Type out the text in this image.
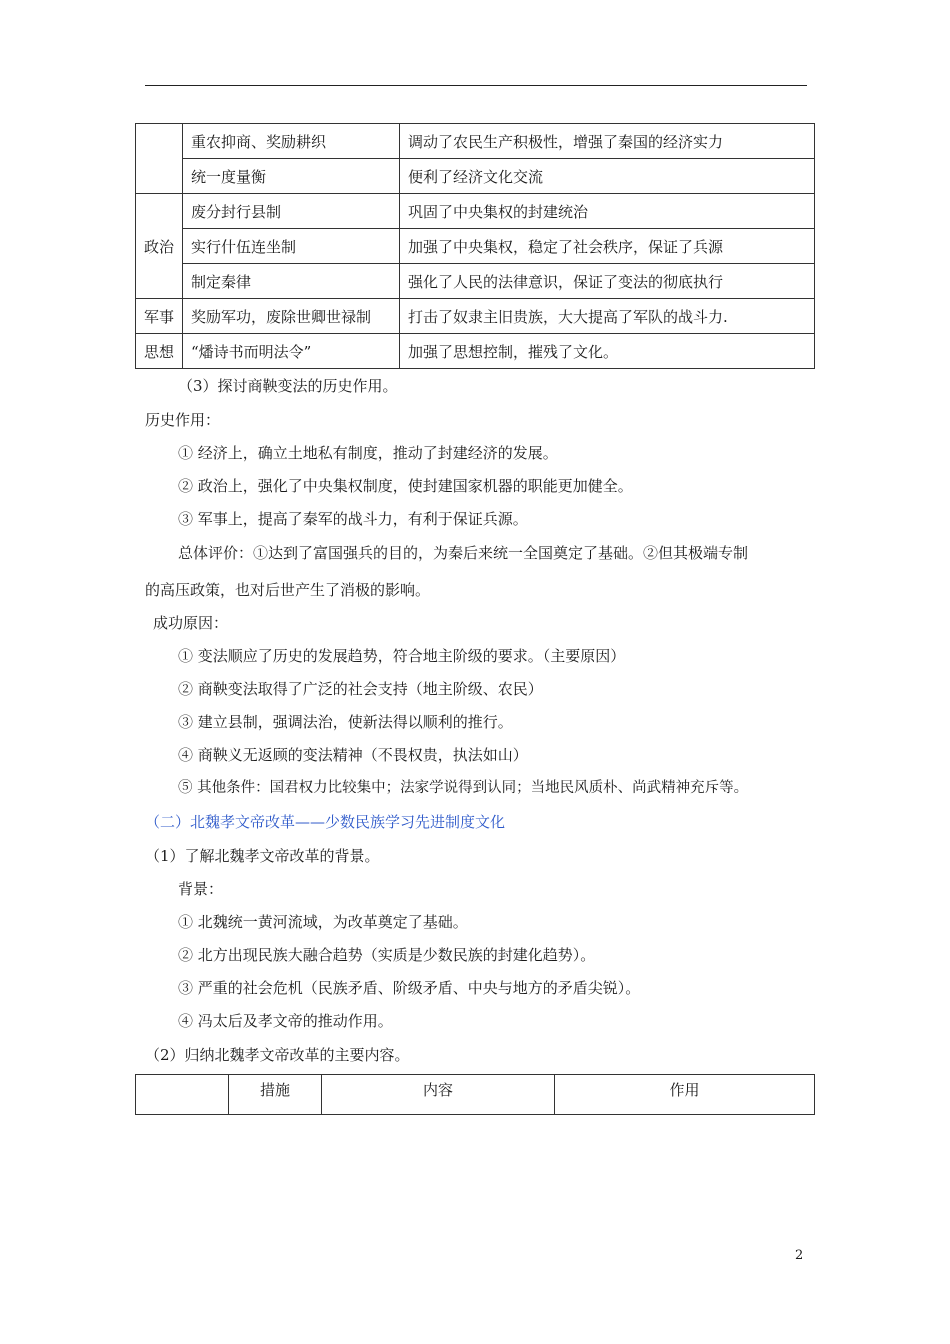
	重农抑商、奖励耕织	调动了农民生产积极性，增强了秦国的经济实力
	统一度量衡	便利了经济文化交流
政治	废分封行县制	巩固了中央集权的封建统治
	实行什伍连坐制	加强了中央集权，稳定了社会秩序，保证了兵源
	制定秦律	强化了人民的法律意识，保证了变法的彻底执行
军事	奖励军功，废除世卿世禄制	打击了奴隶主旧贵族，大大提高了军队的战斗力.
思想	“燔诗书而明法令”	加强了思想控制，摧残了文化。
（3）探讨商鞅变法的历史作用。
历史作用：
① 经济上，确立土地私有制度，推动了封建经济的发展。
② 政治上，强化了中央集权制度，使封建国家机器的职能更加健全。
③ 军事上，提高了秦军的战斗力，有利于保证兵源。
总体评价：①达到了富国强兵的目的，为秦后来统一全国奠定了基础。②但其极端专制
的高压政策，也对后世产生了消极的影响。
成功原因：
① 变法顺应了历史的发展趋势，符合地主阶级的要求。（主要原因）
② 商鞅变法取得了广泛的社会支持（地主阶级、农民）
③ 建立县制，强调法治，使新法得以顺利的推行。
④ 商鞅义无返顾的变法精神（不畏权贵，执法如山）
⑤ 其他条件：国君权力比较集中；法家学说得到认同；当地民风质朴、尚武精神充斥等。
（二）北魏孝文帝改革——少数民族学习先进制度文化
（1）了解北魏孝文帝改革的背景。
背景：
① 北魏统一黄河流域，为改革奠定了基础。
② 北方出现民族大融合趋势（实质是少数民族的封建化趋势）。
③ 严重的社会危机（民族矛盾、阶级矛盾、中央与地方的矛盾尖锐）。
④ 冯太后及孝文帝的推动作用。
（2）归纳北魏孝文帝改革的主要内容。
	措施	内容	作用
2
